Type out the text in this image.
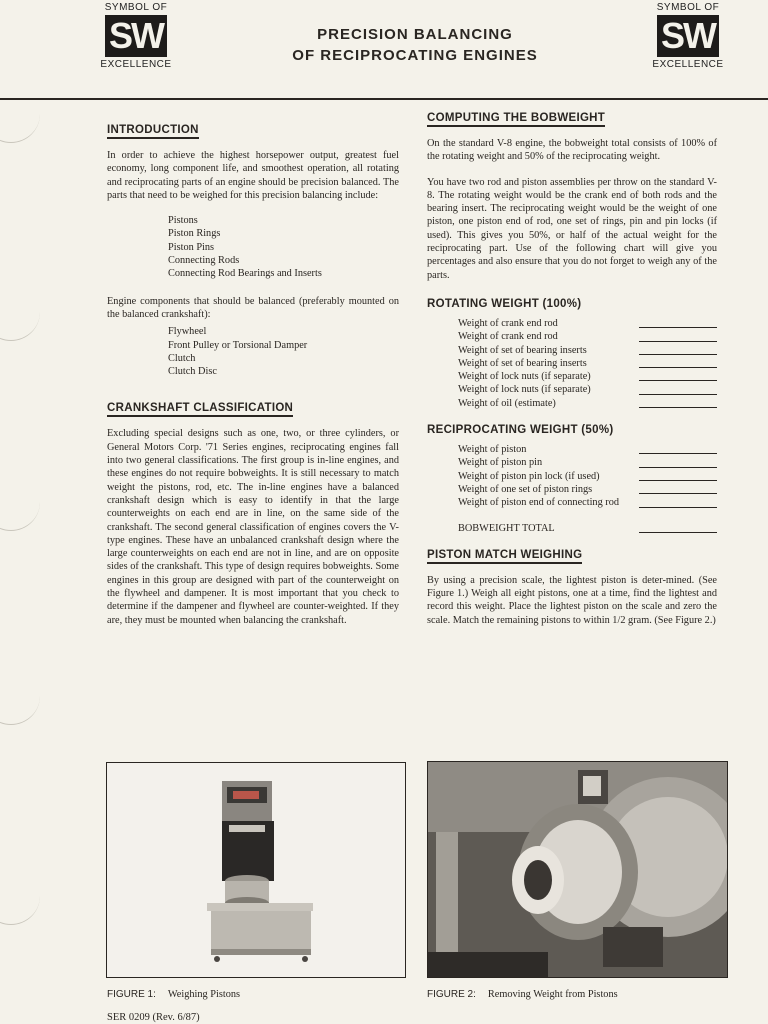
SYMBOL OF
SW
EXCELLENCE
SYMBOL OF
SW
EXCELLENCE
PRECISION BALANCING
OF RECIPROCATING ENGINES
INTRODUCTION

In order to achieve the highest horsepower output, greatest fuel economy, long component life, and smoothest operation, all rotating and reciprocating parts of an engine should be precision balanced. The parts that need to be weighed for this precision balancing include:

Pistons
Piston Rings
Piston Pins
Connecting Rods
Connecting Rod Bearings and Inserts

Engine components that should be balanced (preferably mounted on the balanced crankshaft):

Flywheel
Front Pulley or Torsional Damper
Clutch
Clutch Disc
CRANKSHAFT CLASSIFICATION

Excluding special designs such as one, two, or three cylinders, or General Motors Corp. '71 Series engines, reciprocating engines fall into two general classifications. The first group is in-line engines, and these engines do not require bobweights. It is still necessary to match weight the pistons, rod, etc. The in-line engines have a balanced crankshaft design which is easy to identify in that the large counterweights on each end are in line, on the same side of the crankshaft. The second general classification of engines covers the V-type engines. These have an unbalanced crankshaft design where the large counterweights on each end are not in line, and are on opposite sides of the crankshaft. This type of design requires bobweights. Some engines in this group are designed with part of the counterweight on the flywheel and dampener. It is most important that you check to determine if the dampener and flywheel are counter-weighted. If they are, they must be mounted when balancing the crankshaft.

COMPUTING THE BOBWEIGHT

On the standard V-8 engine, the bobweight total consists of 100% of the rotating weight and 50% of the reciprocating weight.

You have two rod and piston assemblies per throw on the standard V-8. The rotating weight would be the crank end of both rods and the bearing insert. The reciprocating weight would be the weight of one piston, one piston end of rod, one set of rings, pin and pin locks (if used). This gives you 50%, or half of the actual weight for the reciprocating part. Use of the following chart will give you percentages and also ensure that you do not forget to weigh any of the parts.

ROTATING WEIGHT (100%)
Weight of crank end rod
Weight of crank end rod
Weight of set of bearing inserts
Weight of set of bearing inserts
Weight of lock nuts (if separate)
Weight of lock nuts (if separate)
Weight of oil (estimate)
RECIPROCATING WEIGHT (50%)
Weight of piston
Weight of piston pin
Weight of piston pin lock (if used)
Weight of one set of piston rings
Weight of piston end of connecting rod
BOBWEIGHT TOTAL
PISTON MATCH WEIGHING

By using a precision scale, the lightest piston is deter-mined. (See Figure 1.) Weigh all eight pistons, one at a time, find the lightest and record this weight. Place the lightest piston on the scale and zero the scale. Match the remaining pistons to within 1/2 gram. (See Figure 2.)

FIGURE 1: Weighing Pistons	FIGURE 2: Removing Weight from Pistons
SER 0209 (Rev. 6/87)
